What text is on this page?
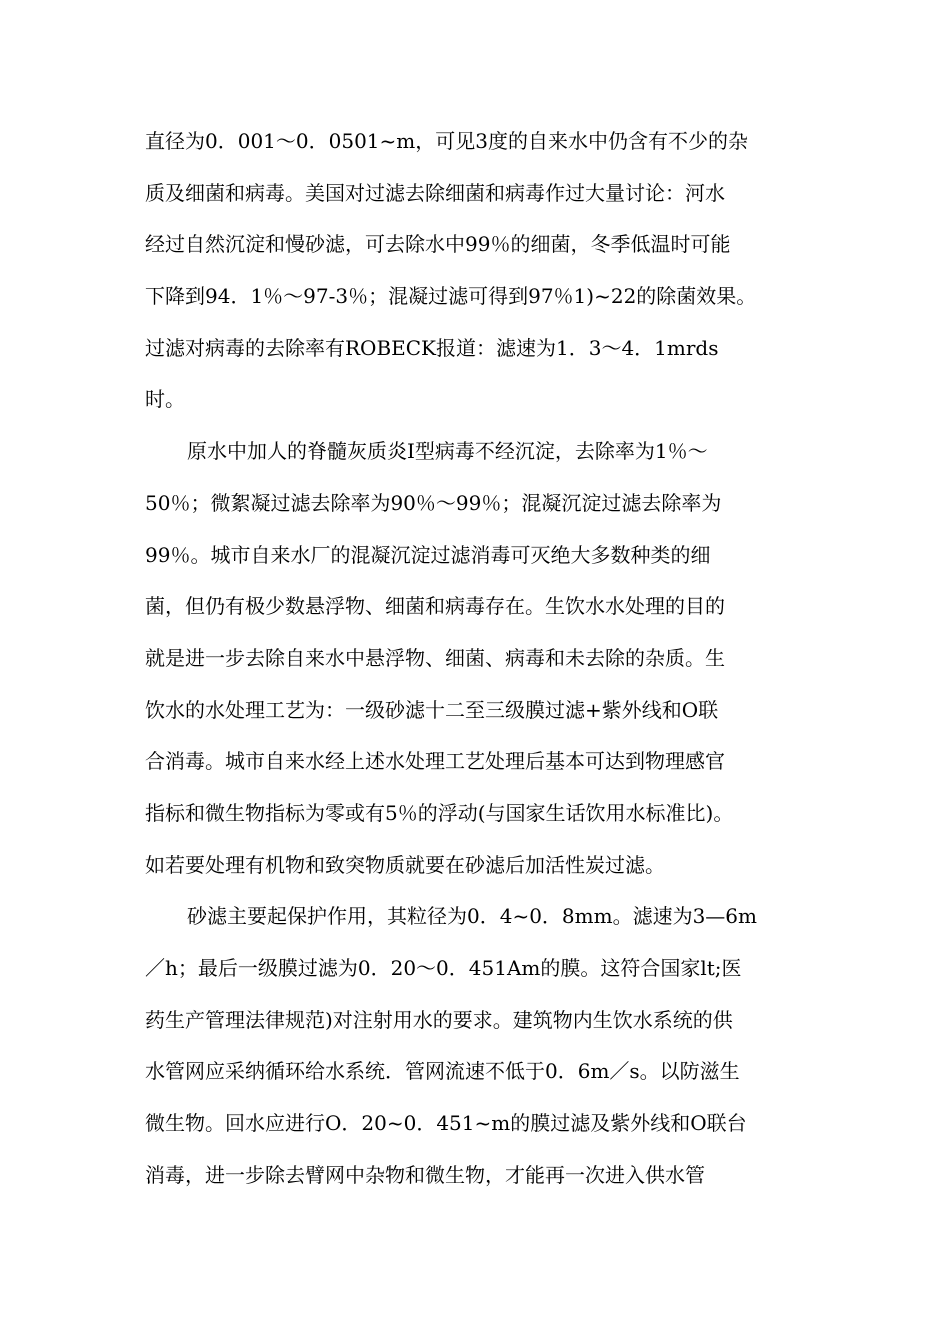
直径为0．001～0．0501~m，可见3度的自来水中仍含有不少的杂
质及细菌和病毒。美国对过滤去除细菌和病毒作过大量讨论：河水
经过自然沉淀和慢砂滤，可去除水中99％的细菌，冬季低温时可能
下降到94．1％～97-3％；混凝过滤可得到97％1)~22的除菌效果。
过滤对病毒的去除率有ROBECK报道：滤速为1．3～4．1mrds
时。
原水中加人的脊髓灰质炎I型病毒不经沉淀，去除率为1％～
50％；微絮凝过滤去除率为90％～99％；混凝沉淀过滤去除率为
99％。城市自来水厂的混凝沉淀过滤消毒可灭绝大多数种类的细
菌，但仍有极少数悬浮物、细菌和病毒存在。生饮水水处理的目的
就是进一步去除自来水中悬浮物、细菌、病毒和未去除的杂质。生
饮水的水处理工艺为：一级砂滤十二至三级膜过滤+紫外线和O联
合消毒。城市自来水经上述水处理工艺处理后基本可达到物理感官
指标和微生物指标为零或有5％的浮动(与国家生话饮用水标准比)。
如若要处理有机物和致突物质就要在砂滤后加活性炭过滤。
砂滤主要起保护作用，其粒径为0．4~0．8mm。滤速为3—6m
／h；最后一级膜过滤为0．20～0．451Am的膜。这符合国家lt;医
药生产管理法律规范)对注射用水的要求。建筑物内生饮水系统的供
水管网应采纳循环给水系统．管网流速不低于0．6m／s。以防滋生
微生物。回水应进行O．20~0．451~m的膜过滤及紫外线和O联台
消毒，进一步除去臂网中杂物和微生物，才能再一次进入供水管
